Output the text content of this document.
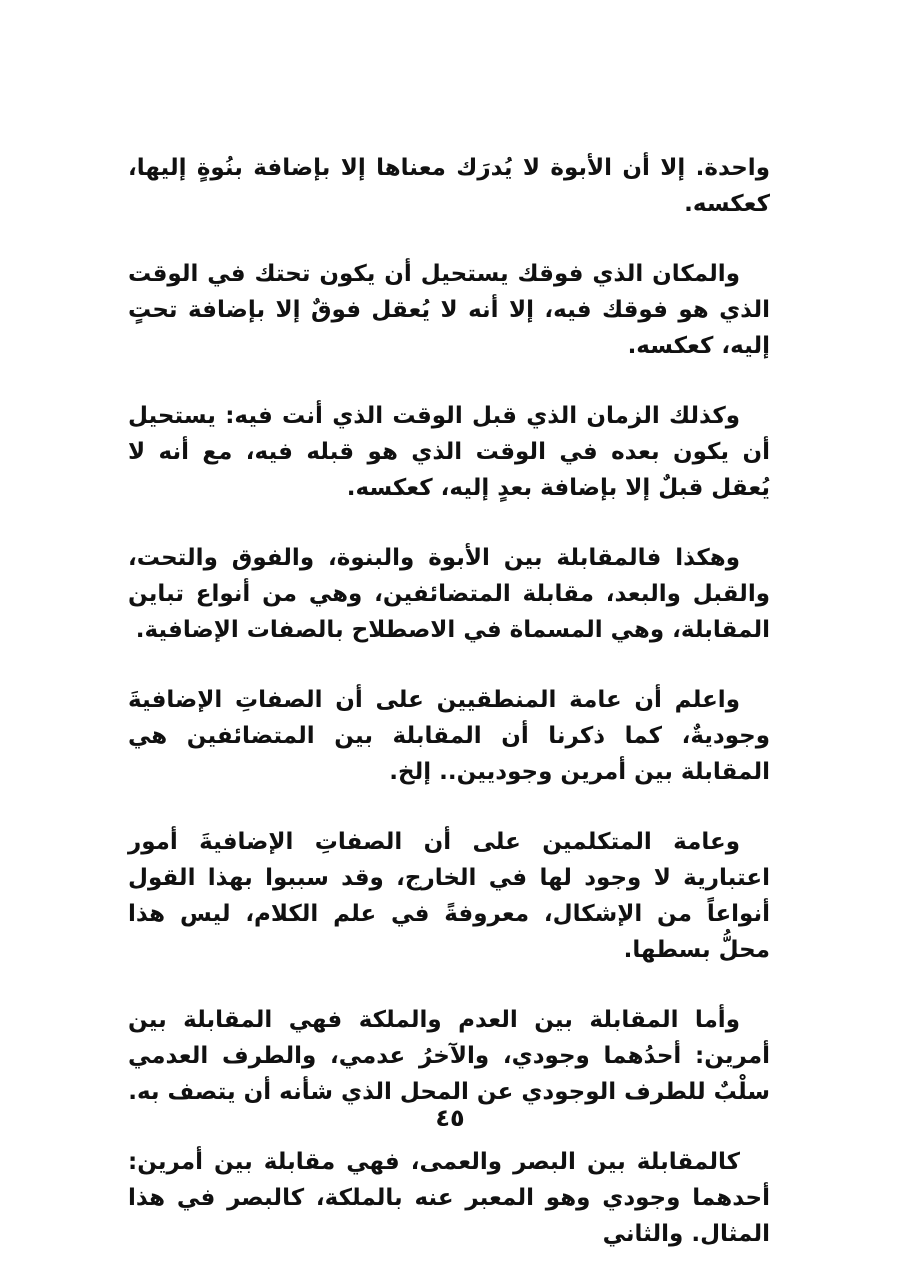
واحدة. إلا أن الأبوة لا يُدرَك معناها إلا بإضافة بنُوةٍ إليها، كعكسه.

والمكان الذي فوقك يستحيل أن يكون تحتك في الوقت الذي هو فوقك فيه، إلا أنه لا يُعقل فوقٌ إلا بإضافة تحتٍ إليه، كعكسه.

وكذلك الزمان الذي قبل الوقت الذي أنت فيه: يستحيل أن يكون بعده في الوقت الذي هو قبله فيه، مع أنه لا يُعقل قبلٌ إلا بإضافة بعدٍ إليه، كعكسه.

وهكذا فالمقابلة بين الأبوة والبنوة، والفوق والتحت، والقبل والبعد، مقابلة المتضائفين، وهي من أنواع تباين المقابلة، وهي المسماة في الاصطلاح بالصفات الإضافية.

واعلم أن عامة المنطقيين على أن الصفاتِ الإضافيةَ وجوديةٌ، كما ذكرنا أن المقابلة بين المتضائفين هي المقابلة بين أمرين وجوديين.. إلخ.

وعامة المتكلمين على أن الصفاتِ الإضافيةَ أمور اعتبارية لا وجود لها في الخارج، وقد سببوا بهذا القول أنواعاً من الإشكال، معروفةً في علم الكلام، ليس هذا محلُّ بسطها.

وأما المقابلة بين العدم والملكة فهي المقابلة بين أمرين: أحدُهما وجودي، والآخرُ عدمي، والطرف العدمي سلْبٌ للطرف الوجودي عن المحل الذي شأنه أن يتصف به.

كالمقابلة بين البصر والعمى، فهي مقابلة بين أمرين: أحدهما وجودي وهو المعبر عنه بالملكة، كالبصر في هذا المثال. والثاني

٤٥
